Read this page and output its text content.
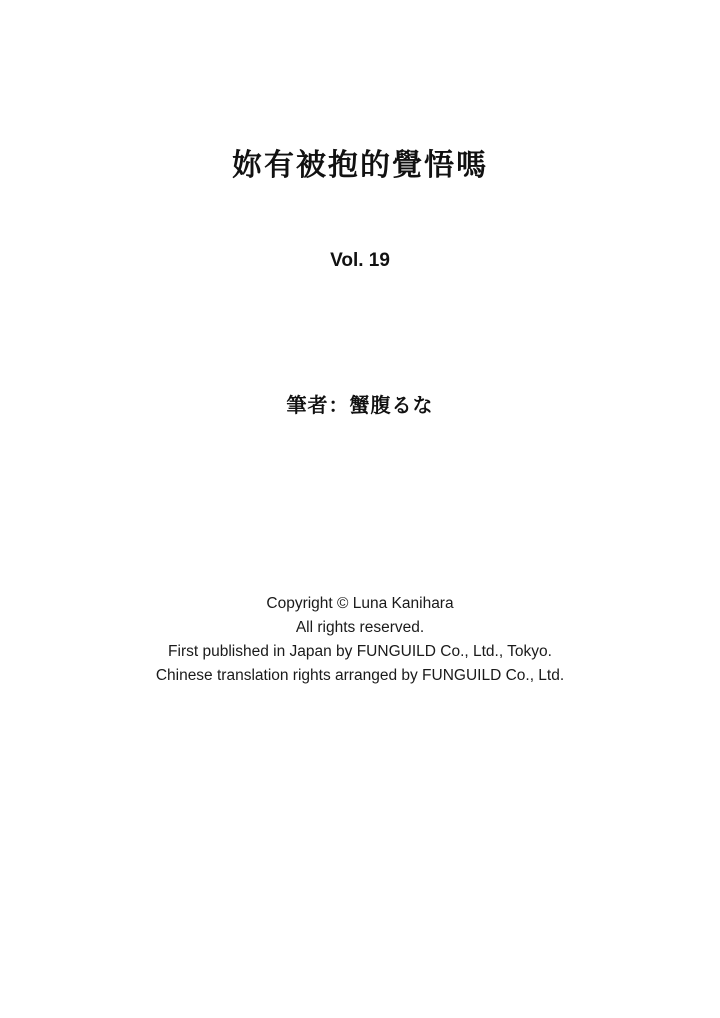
妳有被抱的覺悟嗎
Vol. 19
筆者：蟹腹るな
Copyright © Luna Kanihara
All rights reserved.
First published in Japan by FUNGUILD Co., Ltd., Tokyo.
Chinese translation rights arranged by FUNGUILD Co., Ltd.
